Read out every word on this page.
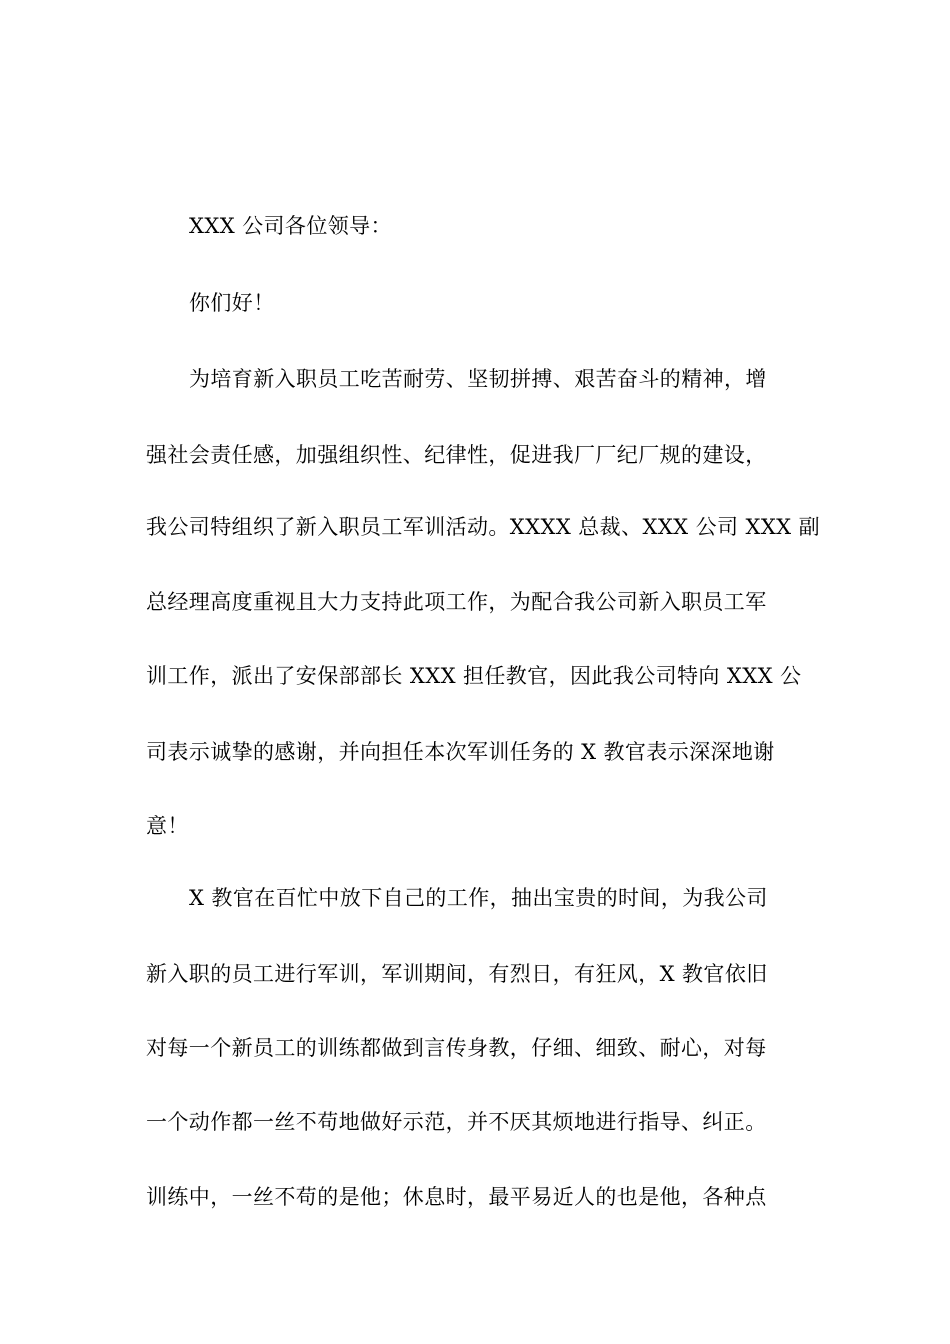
XXX 公司各位领导：
你们好！
为培育新入职员工吃苦耐劳、坚韧拼搏、艰苦奋斗的精神，增
强社会责任感，加强组织性、纪律性，促进我厂厂纪厂规的建设，
我公司特组织了新入职员工军训活动。XXXX 总裁、XXX 公司 XXX 副
总经理高度重视且大力支持此项工作，为配合我公司新入职员工军
训工作，派出了安保部部长 XXX 担任教官，因此我公司特向 XXX 公
司表示诚挚的感谢，并向担任本次军训任务的 X 教官表示深深地谢
意！
X 教官在百忙中放下自己的工作，抽出宝贵的时间，为我公司
新入职的员工进行军训，军训期间，有烈日，有狂风，X 教官依旧
对每一个新员工的训练都做到言传身教，仔细、细致、耐心，对每
一个动作都一丝不苟地做好示范，并不厌其烦地进行指导、纠正。
训练中，一丝不苟的是他；休息时，最平易近人的也是他，各种点
